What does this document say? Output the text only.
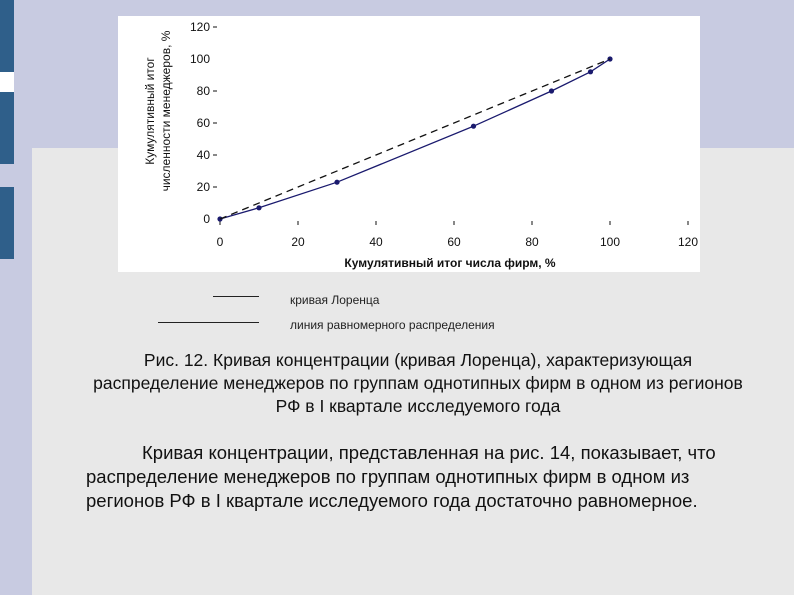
0
20
40
60
80
100
120
0	20	40	60	80	100	120
Кумулятивный итог численности менеджеров, %
Кумулятивный итог числа фирм, %
кривая Лоренца
линия равномерного распределения
Рис. 12. Кривая концентрации (кривая Лоренца), характеризующая распределение менеджеров по группам однотипных фирм в одном из регионов РФ в I квартале исследуемого года
Кривая концентрации, представленная на рис. 14, показывает, что распределение менеджеров по группам однотипных фирм в одном из регионов РФ в I квартале исследуемого года достаточно равномерное.
